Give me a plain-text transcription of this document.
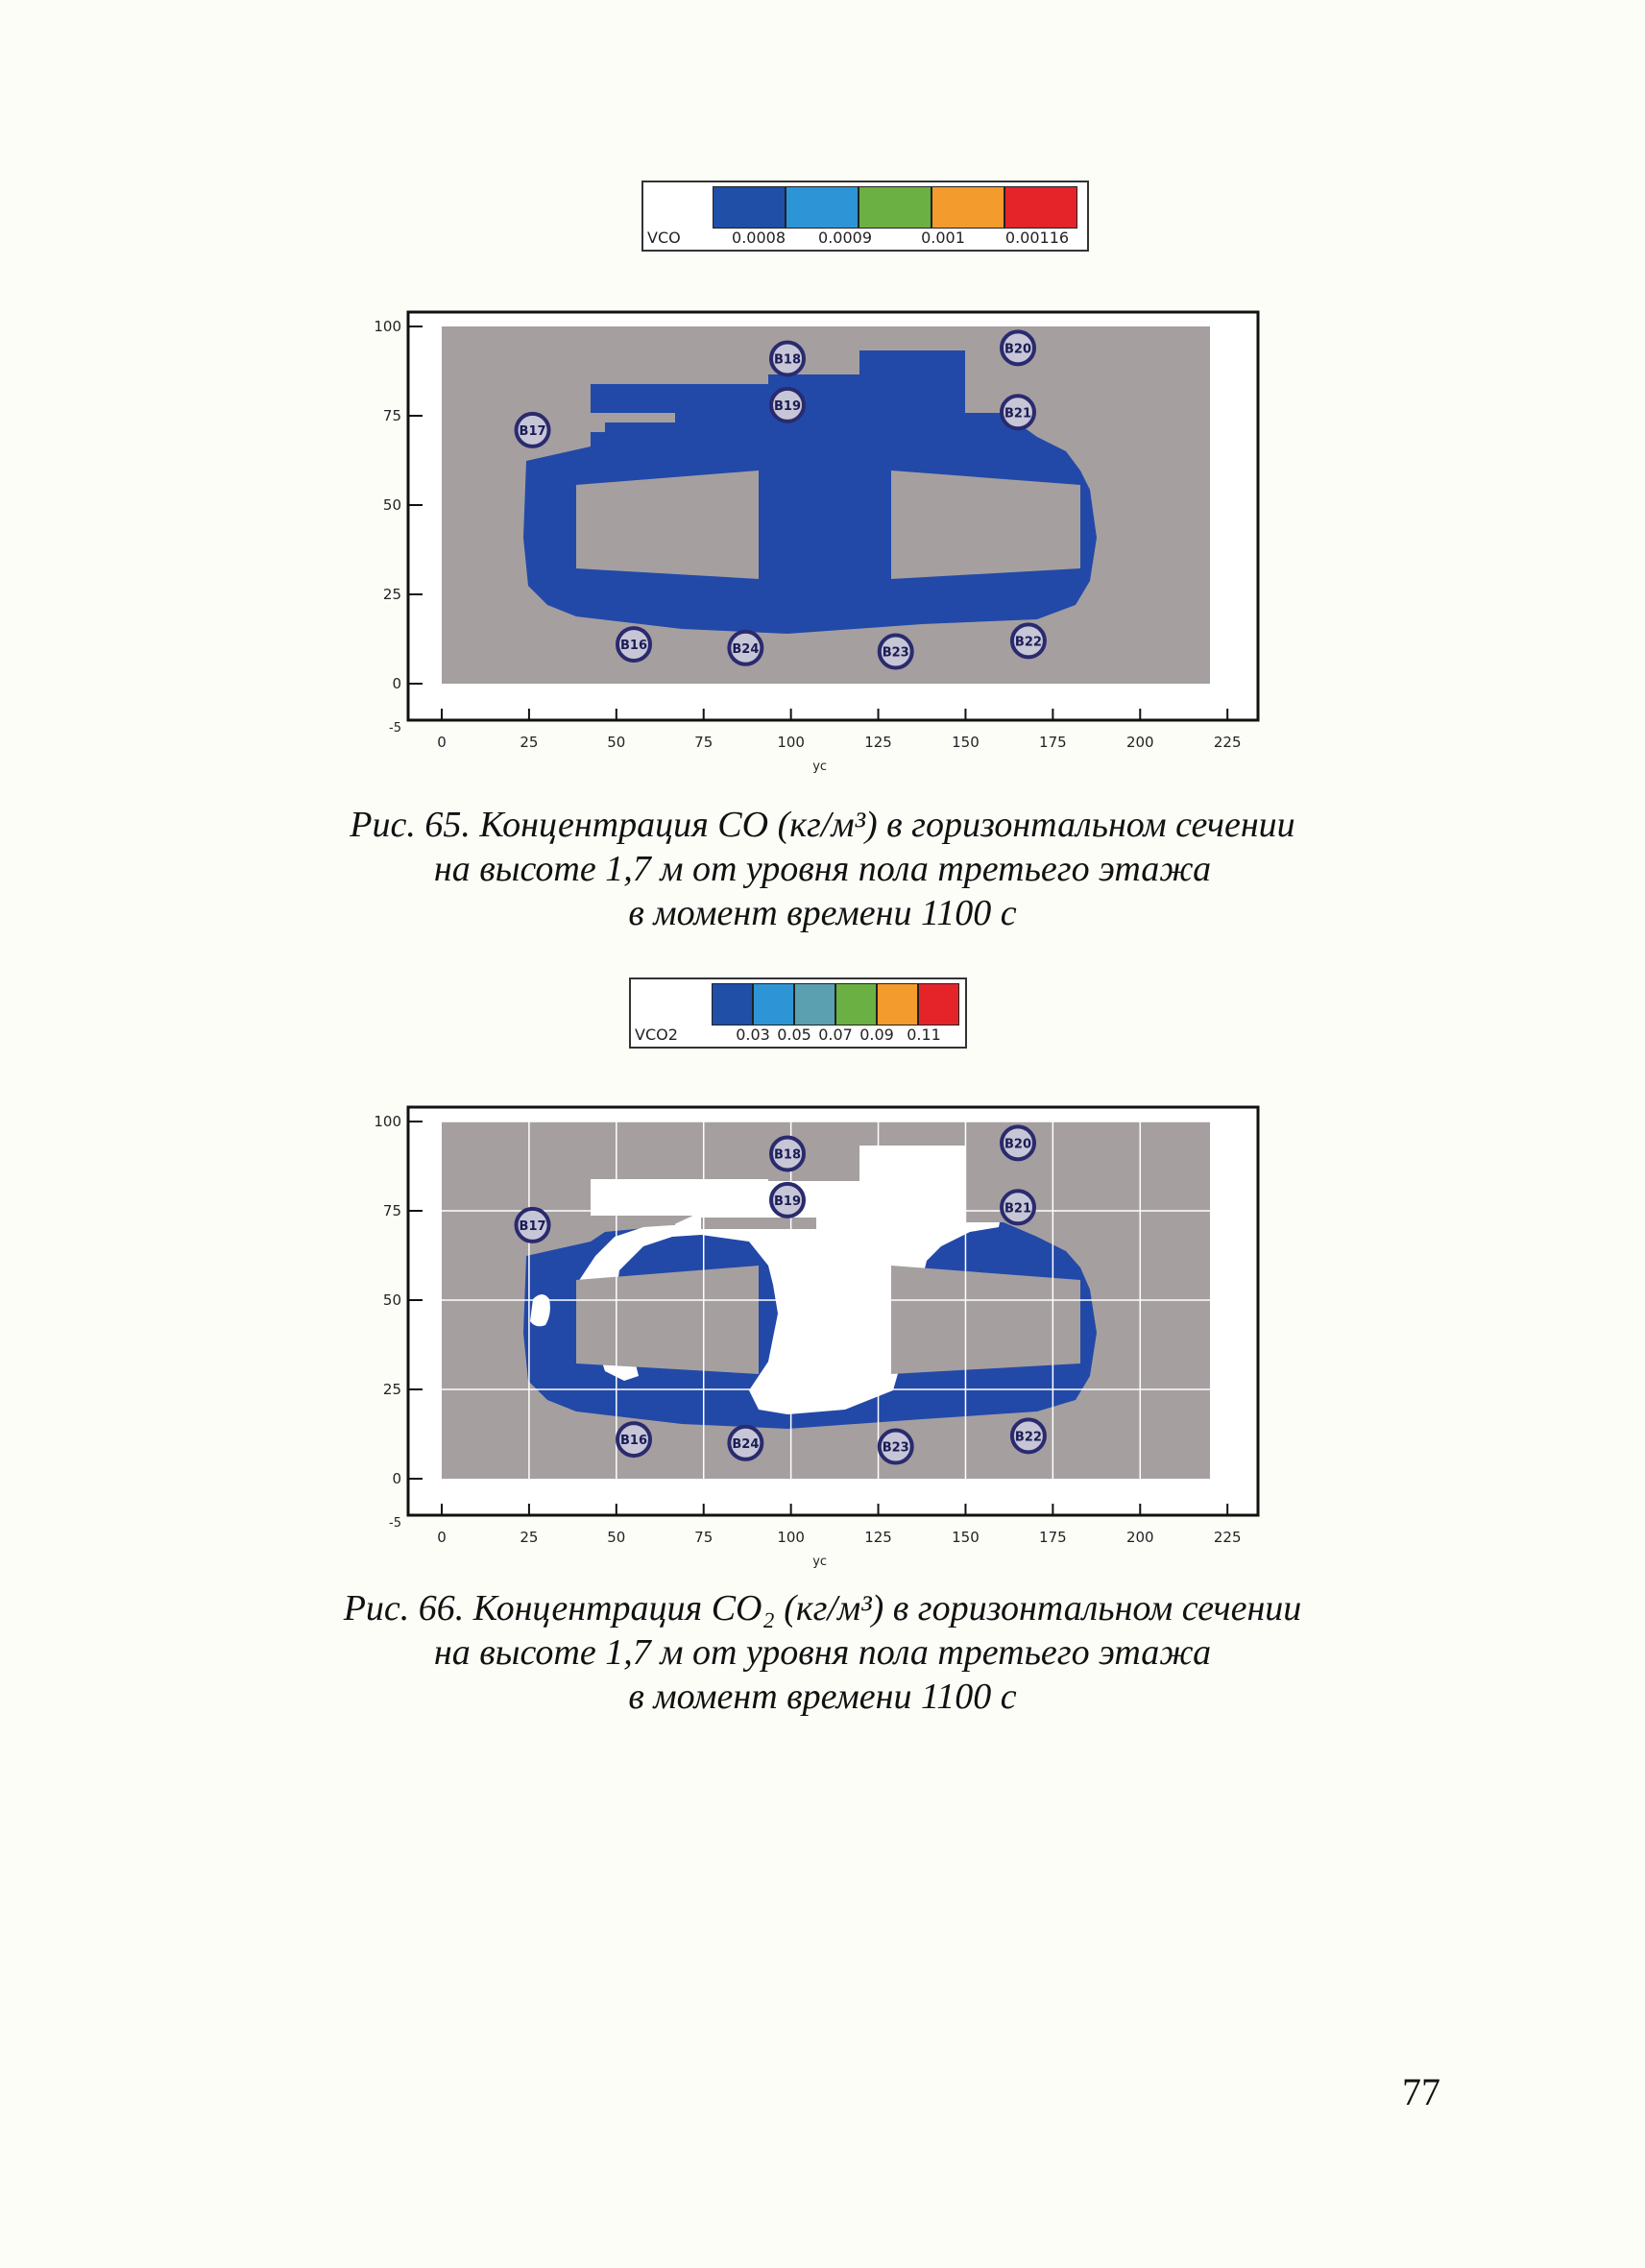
VCO	0.0008 0.0009	0.001	0.00116
0	25	50	75	100	125	150	175	200	225
0
25
50
75
100
-5
yc
B17
B18
B19
B20
B21
B16	B24	B23
B22
Рис. 65. Концентрация CO (кг/м³) в горизонтальном сечении
на высоте 1,7 м от уровня пола третьего этажа
в момент времени 1100 с
VCO2	0.03 0.05 0.07 0.09 0.11
0	25	50	75	100	125	150	175	200	225
0
25
50
75
100
-5
yc
B17
B18
B19
B20
B21
B16	B24	B23
B22
Рис. 66. Концентрация CO₂ (кг/м³) в горизонтальном сечении
на высоте 1,7 м от уровня пола третьего этажа
в момент времени 1100 с
77
